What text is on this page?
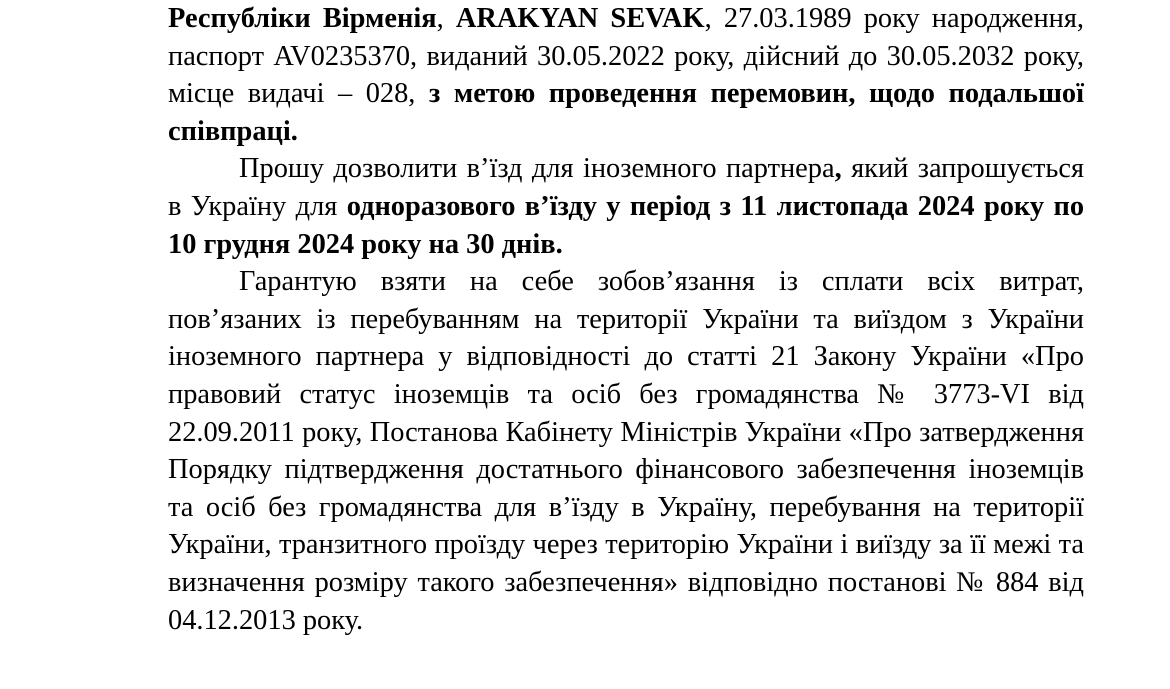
Республіки Вірменія, ARAKYAN SEVAK, 27.03.1989 року народження, паспорт AV0235370, виданий 30.05.2022 року, дійсний до 30.05.2032 року, місце видачі – 028, з метою проведення перемовин, щодо подальшої співпраці.

Прошу дозволити в’їзд для іноземного партнера, який запрошується в Україну для одноразового в’їзду у період з 11 листопада 2024 року по 10 грудня 2024 року на 30 днів.

Гарантую взяти на себе зобов’язання із сплати всіх витрат, пов’язаних із перебуванням на території України та виїздом з України іноземного партнера у відповідності до статті 21 Закону України «Про правовий статус іноземців та осіб без громадянства № 3773-VI від 22.09.2011 року, Постанова Кабінету Міністрів України «Про затвердження Порядку підтвердження достатнього фінансового забезпечення іноземців та осіб без громадянства для в’їзду в Україну, перебування на території України, транзитного проїзду через територію України і виїзду за її межі та визначення розміру такого забезпечення» відповідно постанові № 884 від 04.12.2013 року.
